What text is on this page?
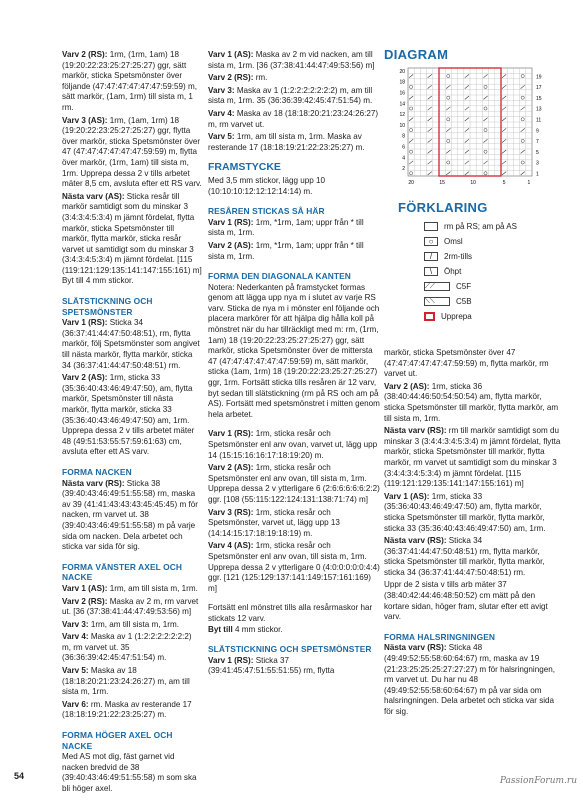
Varv 2 (RS): 1rm, (1rm, 1am) 18 (19:20:22:23:25:27:25:27) ggr, sätt markör, sticka Spetsmönster över följande (47:47:47:47:47:47:59:59) m, sätt markör, (1am, 1rm) till sista m, 1 rm.

Varv 3 (AS): 1rm, (1am, 1rm) 18 (19:20:22:23:25:27:25:27) ggr, flytta över markör, sticka Spetsmönster över 47 (47:47:47:47:47:47:59:59) m, flytta över markör, (1rm, 1am) till sista m, 1rm. Upprepa dessa 2 v tills arbetet mäter 8,5 cm, avsluta efter ett RS varv.

Nästa varv (AS): Sticka resår till markör samtidigt som du minskar 3 (3:4:3:4:5:3:4) m jämnt fördelat, flytta markör, sticka Spetsmönster till markör, flytta markör, sticka resår varvet ut samtidigt som du minskar 3 (3:4:3:4:5:3:4) m jämnt fördelat. [115 (119:121:129:135:141:147:155:161) m] Byt till 4 mm stickor.

SLÄTSTICKNING OCH SPETSMÖNSTER

Varv 1 (RS): Sticka 34 (36:37:41:44:47:50:48:51), rm, flytta markör, följ Spetsmönster som angivet till nästa markör, flytta markör, sticka 34 (36:37:41:44:47:50:48:51) rm.

Varv 2 (AS): 1rm, sticka 33 (35:36:40:43:46:49:47:50), am, flytta markör, Spetsmönster till nästa markör, flytta markör, sticka 33 (35:36:40:43:46:49:47:50) am, 1rm. Upprepa dessa 2 v tills arbetet mäter 48 (49:51:53:55:57:59:61:63) cm, avsluta efter ett AS varv.

FORMA NACKEN

Nästa varv (RS): Sticka 38 (39:40:43:46:49:51:55:58) rm, maska av 39 (41:41:43:43:43:45:45:45) m för nacken, rm varvet ut. 38 (39:40:43:46:49:51:55:58) m på varje sida om nacken. Dela arbetet och sticka var sida för sig.

FORMA VÄNSTER AXEL OCH NACKE

Varv 1 (AS): 1rm, am till sista m, 1rm.

Varv 2 (RS): Maska av 2 m, rm varvet ut. [36 (37:38:41:44:47:49:53:56) m]

Varv 3: 1rm, am till sista m, 1rm.

Varv 4: Maska av 1 (1:2:2:2:2:2:2:2) m, rm varvet ut. 35 (36:36:39:42:45:47:51:54) m.

Varv 5: Maska av 18 (18:18:20:21:23:24:26:27) m, am till sista m, 1rm.

Varv 6: rm. Maska av resterande 17 (18:18:19:21:22:23:25:27) m.

FORMA HÖGER AXEL OCH NACKE

Med AS mot dig, fäst garnet vid nacken bredvid de 38 (39:40:43:46:49:51:55:58) m som ska bli höger axel.

Varv 1 (AS): Maska av 2 m vid nacken, am till sista m, 1rm. [36 (37:38:41:44:47:49:53:56) m]

Varv 2 (RS): rm.

Varv 3: Maska av 1 (1:2:2:2:2:2:2:2) m, am till sista m, 1rm. 35 (36:36:39:42:45:47:51:54) m.

Varv 4: Maska av 18 (18:18:20:21:23:24:26:27) m, rm varvet ut.

Varv 5: 1rm, am till sista m, 1rm. Maska av resterande 17 (18:18:19:21:22:23:25:27) m.

FRAMSTYCKE

Med 3,5 mm stickor, lägg upp 10 (10:10:10:12:12:12:14:14) m.

RESÅREN STICKAS SÅ HÄR

Varv 1 (RS): 1rm, *1rm, 1am; uppr från * till sista m, 1rm.

Varv 2 (AS): 1rm, *1rm, 1am; uppr från * till sista m, 1rm.

FORMA DEN DIAGONALA KANTEN

Notera: Nederkanten på framstycket formas genom att lägga upp nya m i slutet av varje RS varv. Sticka de nya m i mönster enl följande och placera markörer för att hjälpa dig hålla koll på mönstret när du har tillräckligt med m: rm, (1rm, 1am) 18 (19:20:22:23:25:27:25:27) ggr, sätt markör, sticka Spetsmönster över de mittersta 47 (47:47:47:47:47:47:59:59) m, sätt markör, sticka (1am, 1rm) 18 (19:20:22:23:25:27:25:27) ggr, 1rm. Fortsätt sticka tills resåren är 12 varv, byt sedan till slätstickning (rm på RS och am på AS). Fortsätt med spetsmönstret i mitten genom hela arbetet.

Varv 1 (RS): 1rm, sticka resår och Spetsmönster enl anv ovan, varvet ut, lägg upp 14 (15:15:16:16:17:18:19:20) m.

Varv 2 (AS): 1rm, sticka resår och Spetsmönster enl anv ovan, till sista m, 1rm. Upprepa dessa 2 v ytterligare 6 (2:6:6:6:6:6:2:2) ggr. [108 (55:115:122:124:131:138:71:74) m]

Varv 3 (RS): 1rm, sticka resår och Spetsmönster, varvet ut, lägg upp 13 (14:14:15:17:18:19:18:19) m.

Varv 4 (AS): 1rm, sticka resår och Spetsmönster enl anv ovan, till sista m, 1rm. Upprepa dessa 2 v ytterligare 0 (4:0:0:0:0:0:4:4) ggr. [121 (125:129:137:141:149:157:161:169) m]

Fortsätt enl mönstret tills alla resårmaskor har stickats 12 varv.
Byt till 4 mm stickor.

SLÄTSTICKNING OCH SPETSMÖNSTER

Varv 1 (RS): Sticka 37 (39:41:45:47:51:55:51:55) rm, flytta

DIAGRAM
20
18
16
14
12
10
8
6
4
2
19
17
15
13
11
9
7
5
3
1
20	15	10	5	1
FÖRKLARING
rm på RS; am på AS
○	Omsl
/	2rm-tills
\	Öhpt
⟋⟋	C5F
⟍⟍	C5B
Upprepa

markör, sticka Spetsmönster över 47 (47:47:47:47:47:47:59:59) m, flytta markör, rm varvet ut.

Varv 2 (AS): 1rm, sticka 36 (38:40:44:46:50:54:50:54) am, flytta markör, sticka Spetsmönster till markör, flytta markör, am till sista m, 1rm.

Nästa varv (RS): rm till markör samtidigt som du minskar 3 (3:4:4:3:4:5:3:4) m jämnt fördelat, flytta markör, sticka Spetsmönster till markör, flytta markör, rm varvet ut samtidigt som du minskar 3 (3:4:4:3:4:5:3:4) m jämnt fördelat. [115 (119:121:129:135:141:147:155:161) m]

Varv 1 (AS): 1rm, sticka 33 (35:36:40:43:46:49:47:50) am, flytta markör, sticka Spetsmönster till markör, flytta markör, sticka 33 (35:36:40:43:46:49:47:50) am, 1rm.

Nästa varv (RS): Sticka 34 (36:37:41:44:47:50:48:51) rm, flytta markör, sticka Spetsmönster till markör, flytta markör, sticka 34 (36:37:41:44:47:50:48:51) rm.

Uppr de 2 sista v tills arb mäter 37 (38:40:42:44:46:48:50:52) cm mätt på den kortare sidan, höger fram, slutar efter ett avigt varv.

FORMA HALSRINGNINGEN

Nästa varv (RS): Sticka 48 (49:49:52:55:58:60:64:67) rm, maska av 19 (21:23:25:25:25:27:27:27) m för halsringningen, rm varvet ut. Du har nu 48 (49:49:52:55:58:60:64:67) m på var sida om halsringningen. Dela arbetet och sticka var sida för sig.

54	PassionForum.ru
